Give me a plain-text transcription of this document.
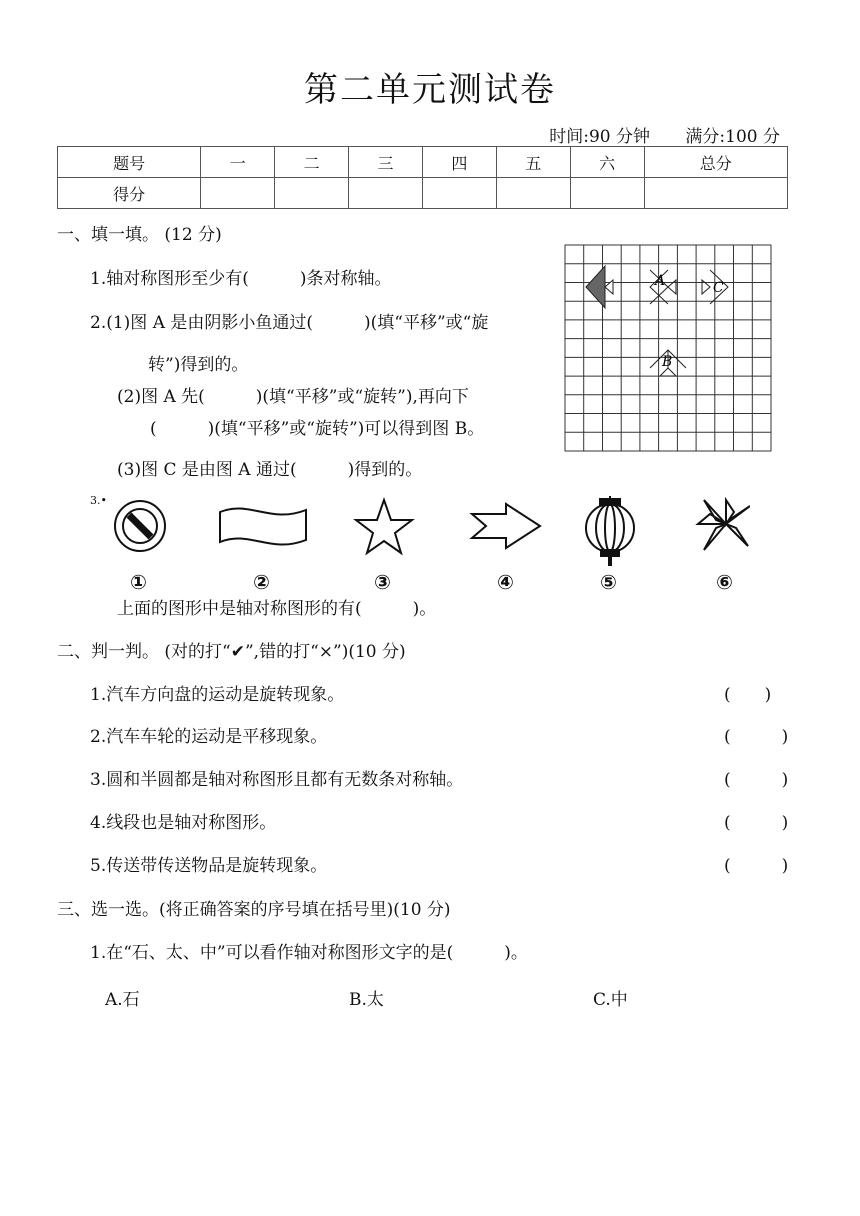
第二单元测试卷
时间:90 分钟 满分:100 分
题号	一	二	三	四	五	六	总分
得分							
一、填一填。 (12 分)
1.轴对称图形至少有(　　　)条对称轴。
2.(1)图 A 是由阴影小鱼通过(　　　)(填“平移”或“旋
转”)得到的。
(2)图 A 先(　　　)(填“平移”或“旋转”),再向下
(　　　)(填“平移”或“旋转”)可以得到图 B。
(3)图 C 是由图 A 通过(　　　)得到的。
A	C
B
3.•
①	②	③	④	⑤	⑥
上面的图形中是轴对称图形的有(　　　)。
二、判一判。 (对的打“✔”,错的打“×”)(10 分)
1.汽车方向盘的运动是旋转现象。	(　　)
2.汽车车轮的运动是平移现象。	(　　　)
3.圆和半圆都是轴对称图形且都有无数条对称轴。	(　　　)
4.线段也是轴对称图形。	(　　　)
5.传送带传送物品是旋转现象。	(　　　)
三、选一选。(将正确答案的序号填在括号里)(10 分)
1.在“石、太、中”可以看作轴对称图形文字的是(　　　)。
A.石	B.太	C.中
